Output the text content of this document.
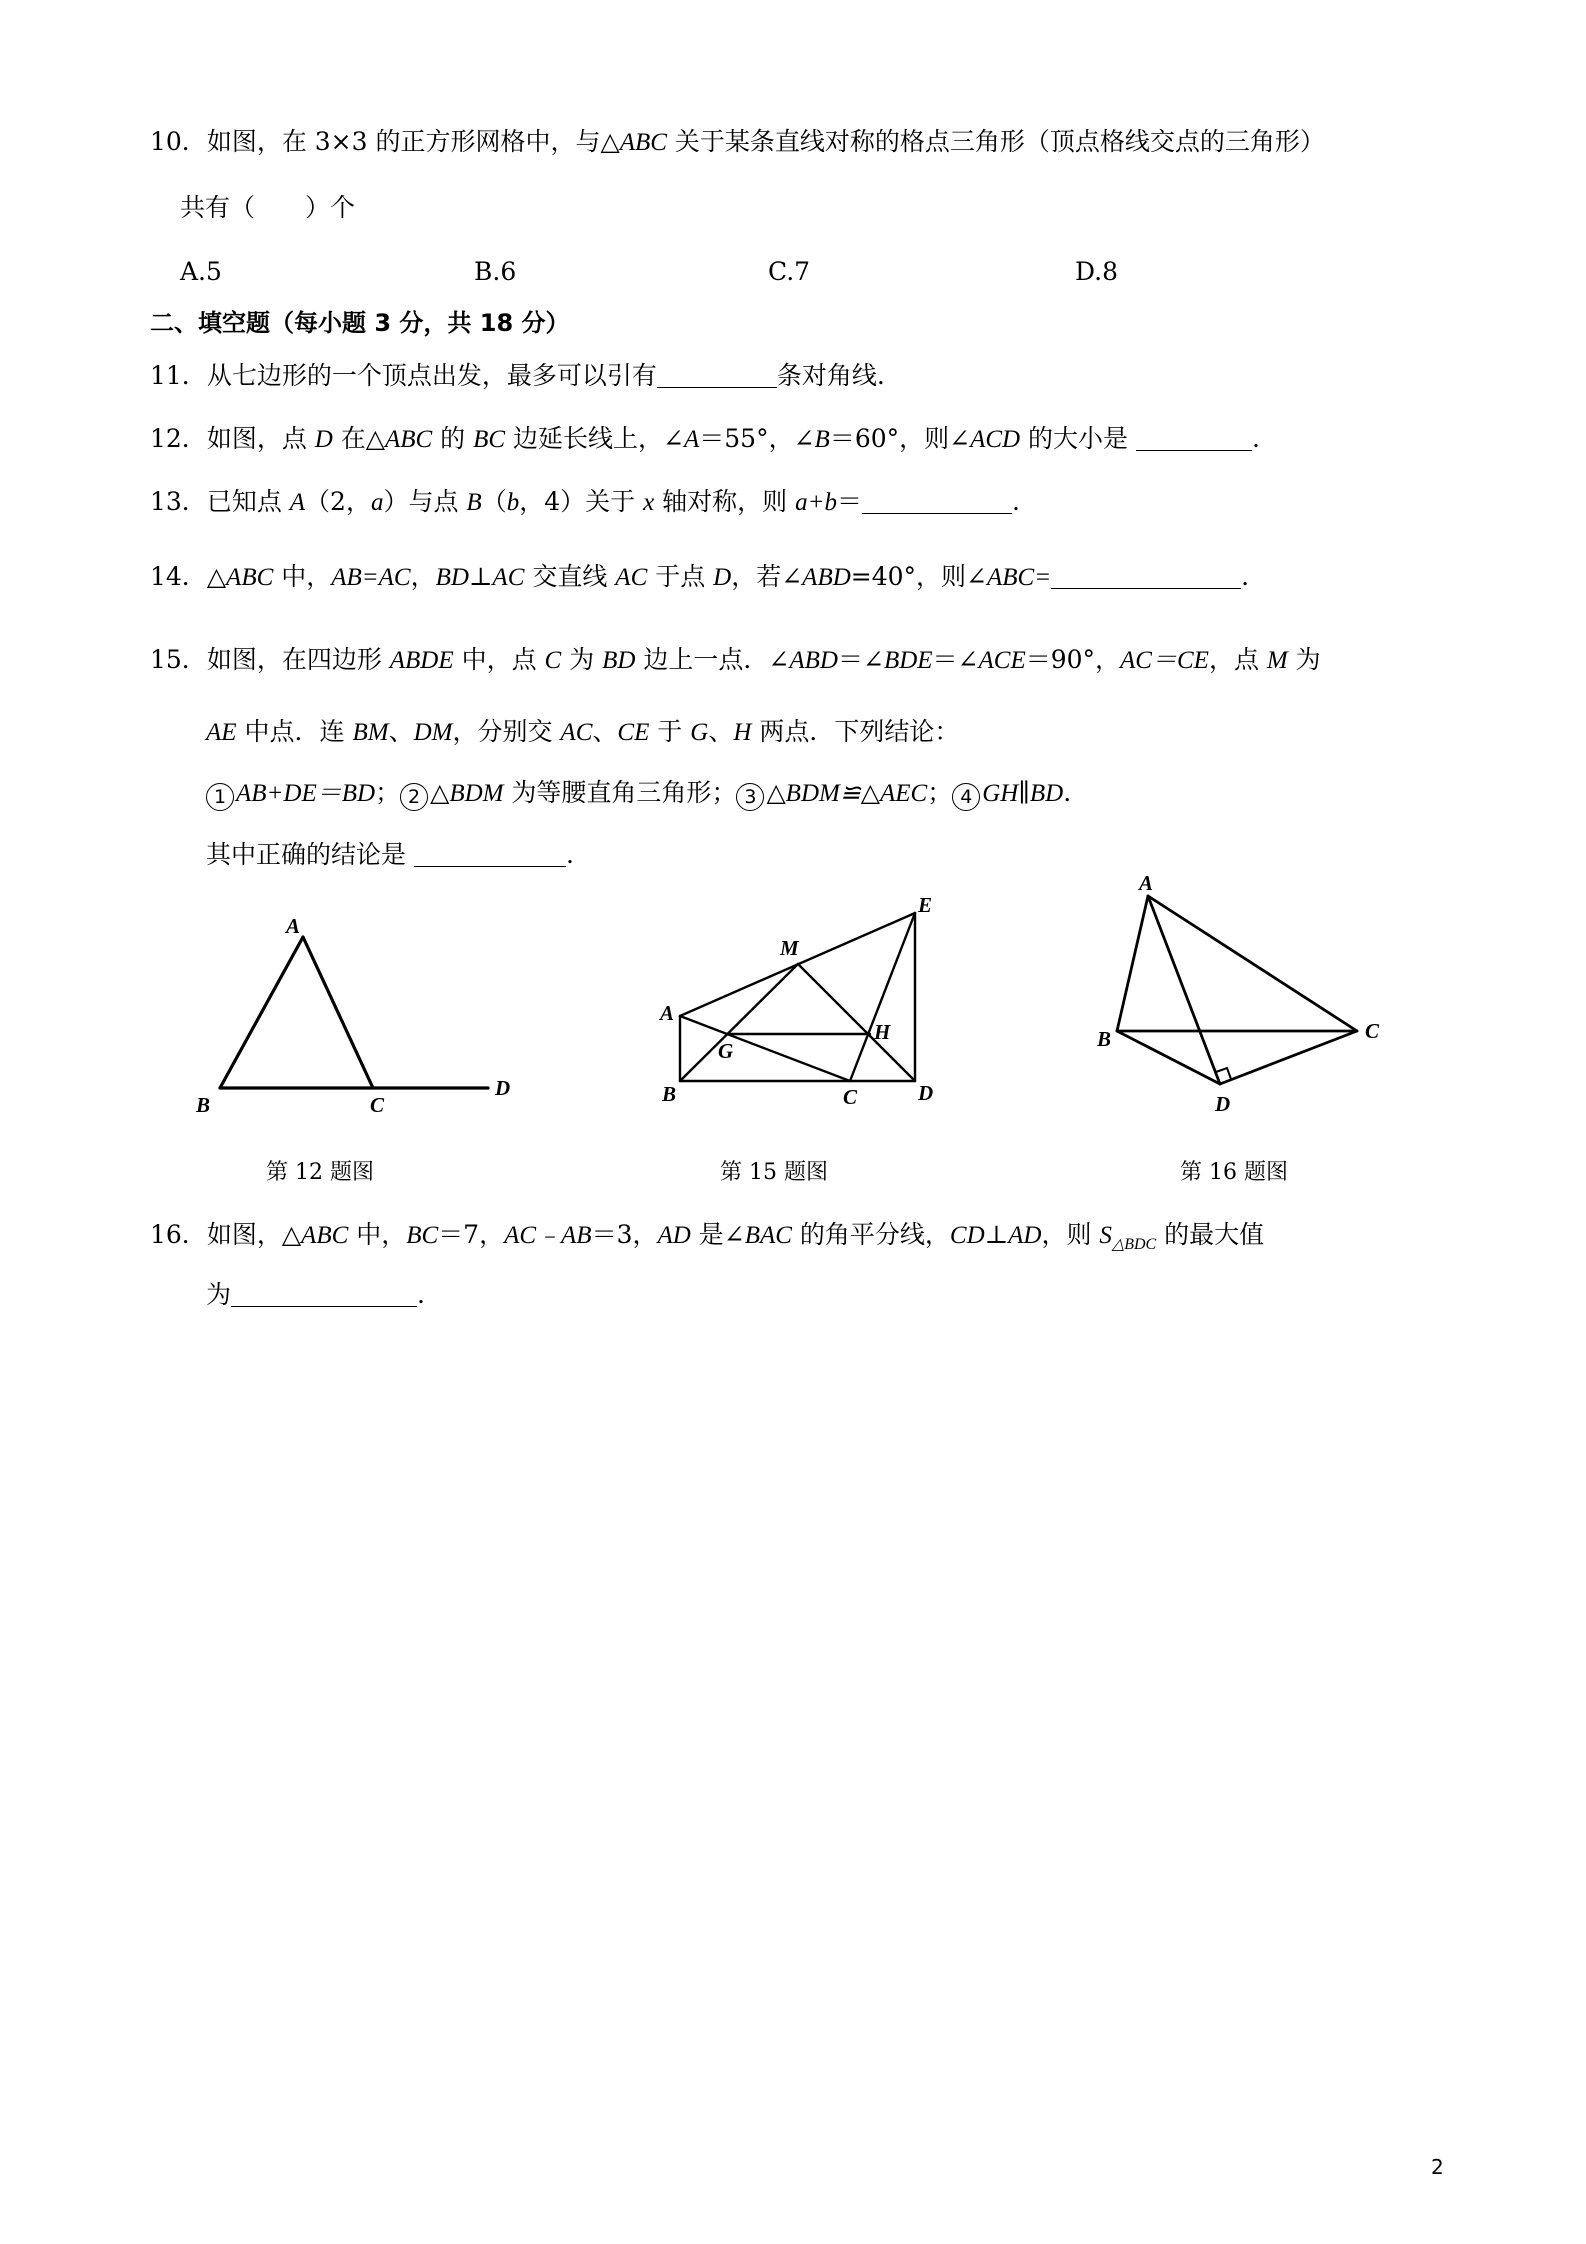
10．如图，在 3×3 的正方形网格中，与△ABC 关于某条直线对称的格点三角形（顶点格线交点的三角形）
共有（　　）个
A.5	B.6	C.7	D.8
二、填空题（每小题 3 分，共 18 分）
11．从七边形的一个顶点出发，最多可以引有	条对角线.
12．如图，点 D 在△ABC 的 BC 边延长线上，∠A＝55°，∠B＝60°，则∠ACD 的大小是	.
13．已知点 A（2，a）与点 B（b，4）关于 x 轴对称，则 a+b＝	.
14．△ABC 中，AB=AC，BD⊥AC 交直线 AC 于点 D，若∠ABD=40°，则∠ABC=	.
15．如图，在四边形 ABDE 中，点 C 为 BD 边上一点．∠ABD＝∠BDE＝∠ACE＝90°，AC＝CE，点 M 为
AE 中点．连 BM、DM，分别交 AC、CE 于 G、H 两点．下列结论：
1 AB+DE＝BD； 2 △BDM 为等腰直角三角形； 3 △BDM≌△AEC； 4 GH∥BD.
其中正确的结论是	.
A
B	C
D
第 12 题图
A
B	C	D
E
M
G
H
第 15 题图
A
B	C
D
第 16 题图
16．如图，△ABC 中，BC＝7，AC﹣AB＝3，AD 是∠BAC 的角平分线，CD⊥AD，则 $S_{\triangle BDC}$ 的最大值
为	.
2
